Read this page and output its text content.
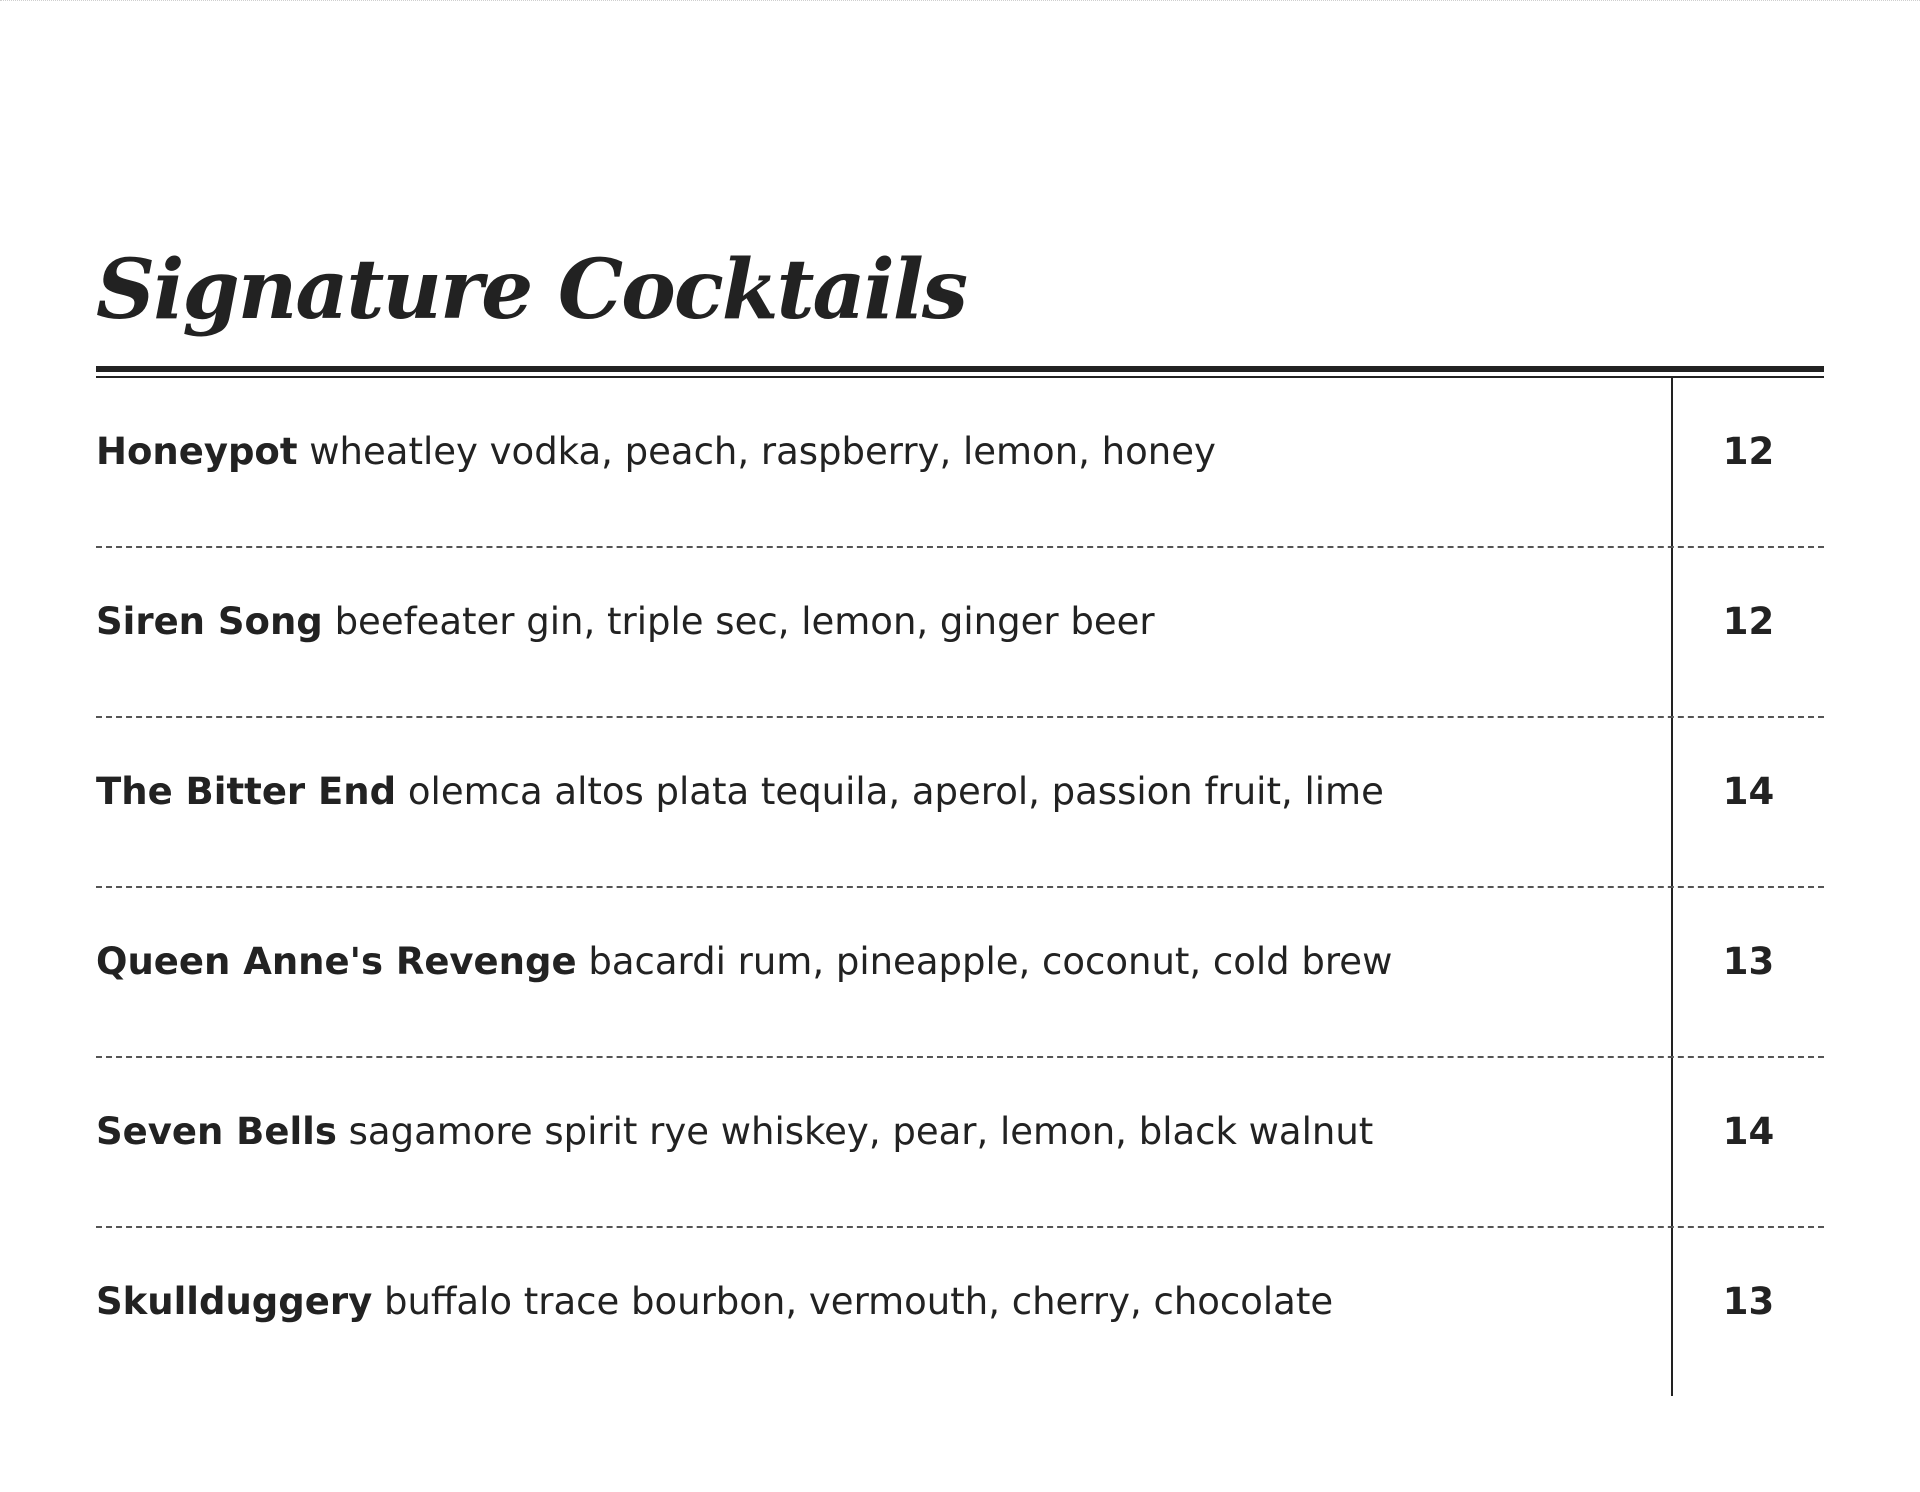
Signature Cocktails
Honeypot wheatley vodka, peach, raspberry, lemon, honey	12
Siren Song beefeater gin, triple sec, lemon, ginger beer	12
The Bitter End olemca altos plata tequila, aperol, passion fruit, lime	14
Queen Anne's Revenge bacardi rum, pineapple, coconut, cold brew	13
Seven Bells sagamore spirit rye whiskey, pear, lemon, black walnut	14
Skullduggery buffalo trace bourbon, vermouth, cherry, chocolate	13
